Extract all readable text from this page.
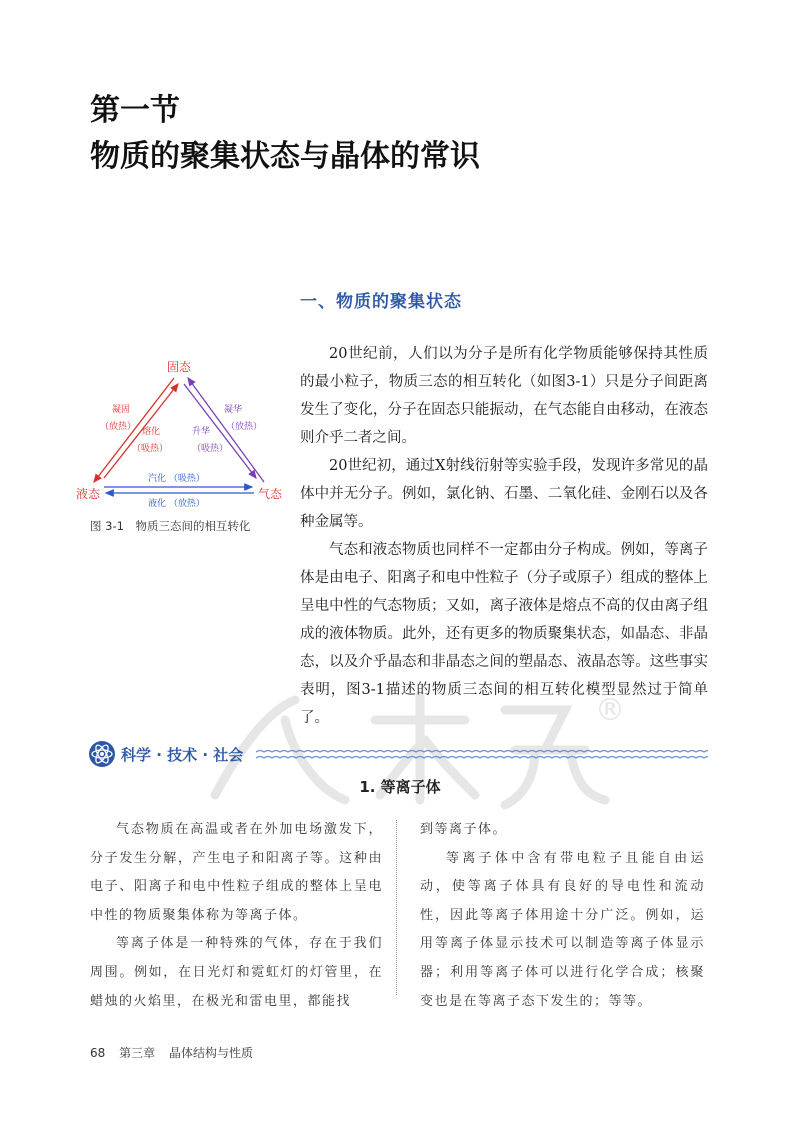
®
第一节
物质的聚集状态与晶体的常识
一、物质的聚集状态

20世纪前，人们以为分子是所有化学物质能够保持其性质的最小粒子，物质三态的相互转化（如图3-1）只是分子间距离发生了变化，分子在固态只能振动，在气态能自由移动，在液态则介乎二者之间。

20世纪初，通过X射线衍射等实验手段，发现许多常见的晶体中并无分子。例如，氯化钠、石墨、二氧化硅、金刚石以及各种金属等。

气态和液态物质也同样不一定都由分子构成。例如，等离子体是由电子、阳离子和电中性粒子（分子或原子）组成的整体上呈电中性的气态物质；又如，离子液体是熔点不高的仅由离子组成的液体物质。此外，还有更多的物质聚集状态，如晶态、非晶态，以及介乎晶态和非晶态之间的塑晶态、液晶态等。这些事实表明，图3-1描述的物质三态间的相互转化模型显然过于简单了。

固态
液态	气态
凝固
（放热） 熔化
（吸热）
凝华
（放热）
升华
（吸热）
汽化 （吸热）
液化 （放热）
图 3-1　物质三态间的相互转化
科学 · 技术 · 社会
1. 等离子体

气态物质在高温或者在外加电场激发下，分子发生分解，产生电子和阳离子等。这种由电子、阳离子和电中性粒子组成的整体上呈电中性的物质聚集体称为等离子体。

等离子体是一种特殊的气体，存在于我们周围。例如，在日光灯和霓虹灯的灯管里，在蜡烛的火焰里，在极光和雷电里，都能找

到等离子体。

等离子体中含有带电粒子且能自由运动，使等离子体具有良好的导电性和流动性，因此等离子体用途十分广泛。例如，运用等离子体显示技术可以制造等离子体显示器；利用等离子体可以进行化学合成；核聚变也是在等离子态下发生的；等等。

68 第三章 晶体结构与性质
